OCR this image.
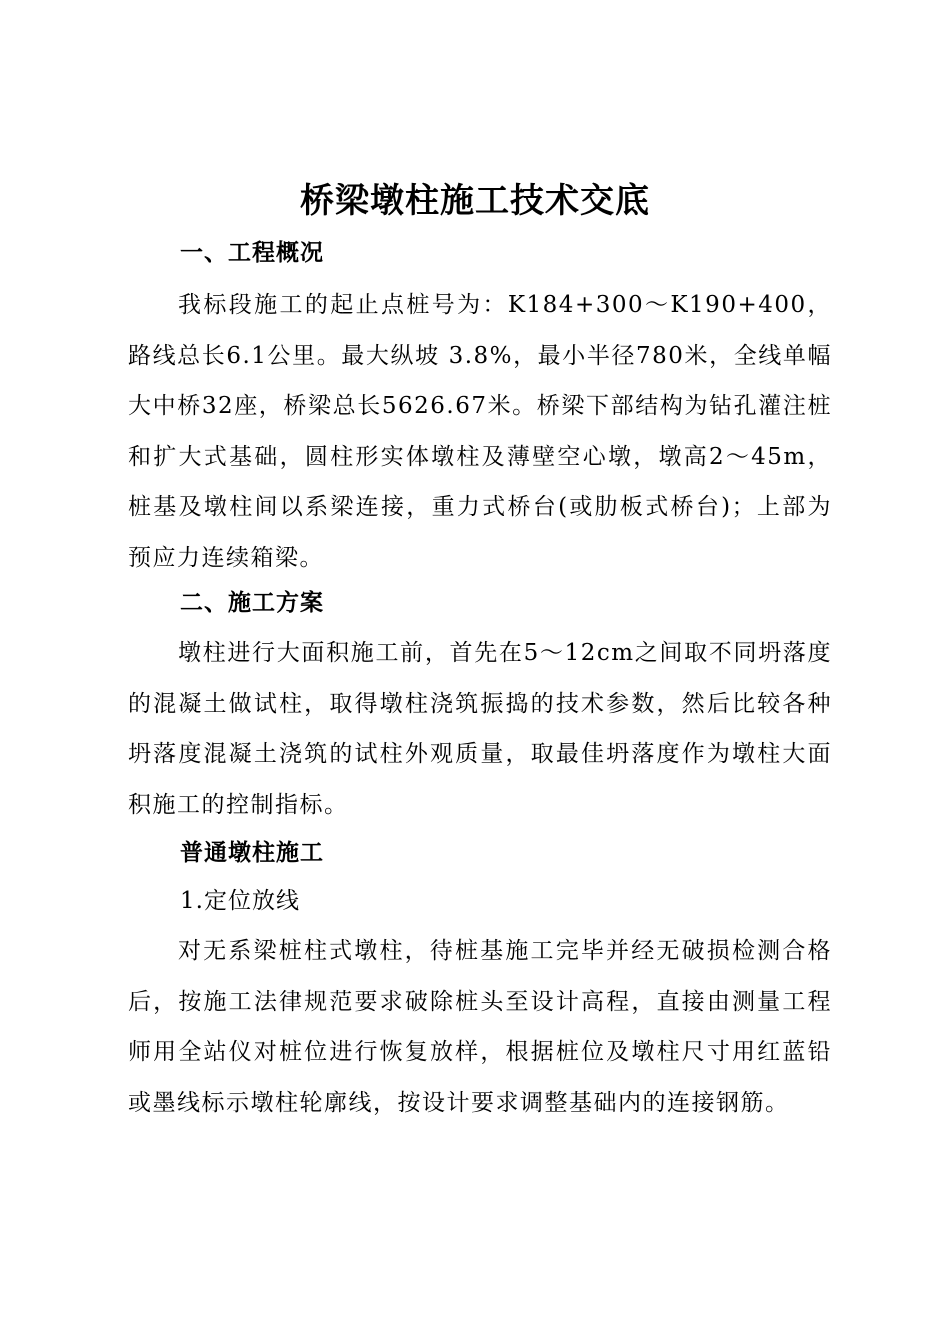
桥梁墩柱施工技术交底
一、工程概况

我标段施工的起止点桩号为：K184+300～K190+400，路线总长6.1公里。最大纵坡 3.8%，最小半径780米，全线单幅大中桥32座，桥梁总长5626.67米。桥梁下部结构为钻孔灌注桩和扩大式基础，圆柱形实体墩柱及薄壁空心墩，墩高2～45m，桩基及墩柱间以系梁连接，重力式桥台(或肋板式桥台)；上部为预应力连续箱梁。

二、施工方案

墩柱进行大面积施工前，首先在5～12cm之间取不同坍落度的混凝土做试柱，取得墩柱浇筑振捣的技术参数，然后比较各种坍落度混凝土浇筑的试柱外观质量，取最佳坍落度作为墩柱大面积施工的控制指标。

普通墩柱施工
1.定位放线

对无系梁桩柱式墩柱，待桩基施工完毕并经无破损检测合格后，按施工法律规范要求破除桩头至设计高程，直接由测量工程师用全站仪对桩位进行恢复放样，根据桩位及墩柱尺寸用红蓝铅或墨线标示墩柱轮廓线，按设计要求调整基础内的连接钢筋。
